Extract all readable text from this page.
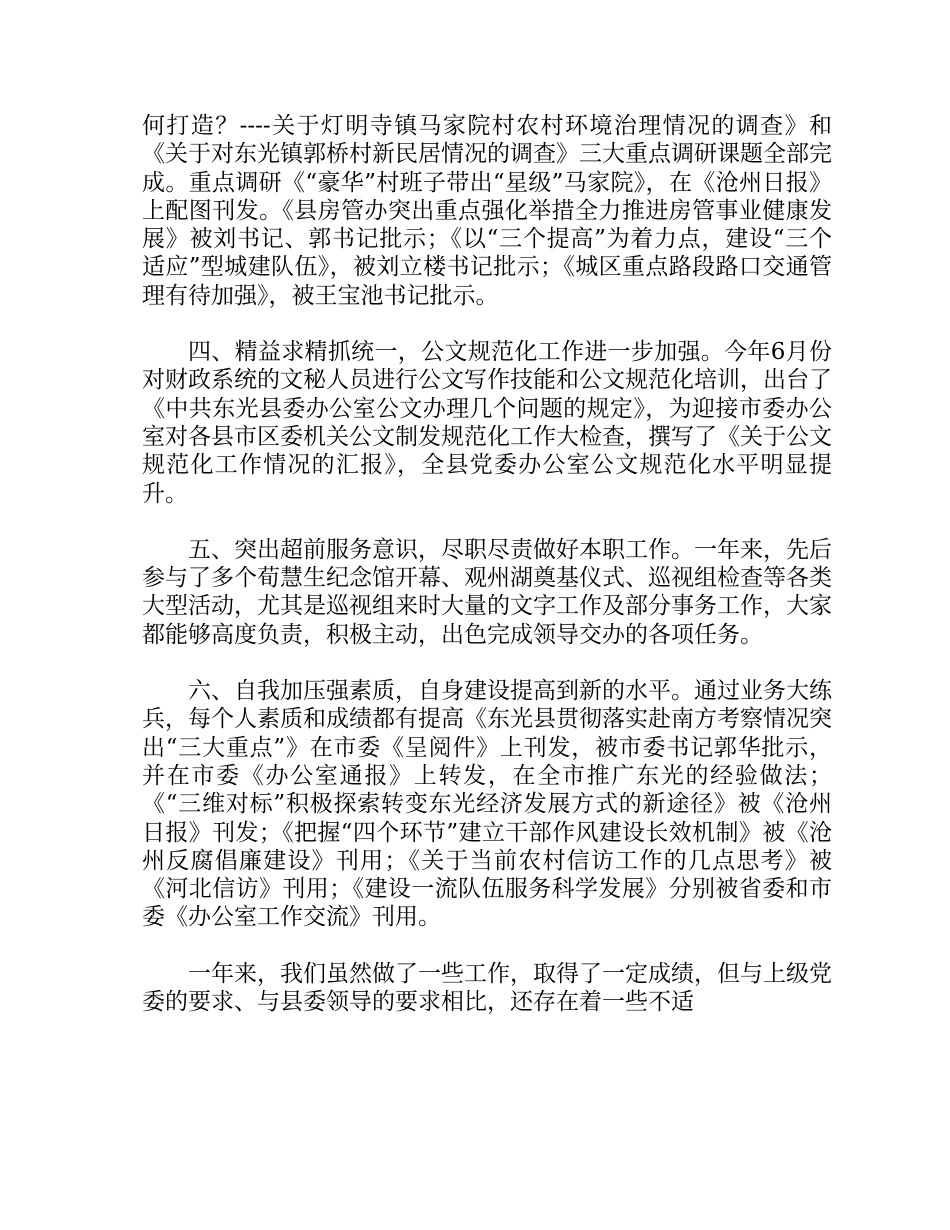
何打造？----关于灯明寺镇马家院村农村环境治理情况的调查》和《关于对东光镇郭桥村新民居情况的调查》三大重点调研课题全部完成。重点调研《“豪华”村班子带出“星级”马家院》，在《沧州日报》上配图刊发。《县房管办突出重点强化举措全力推进房管事业健康发展》被刘书记、郭书记批示；《以“三个提高”为着力点，建设“三个适应”型城建队伍》，被刘立楼书记批示；《城区重点路段路口交通管理有待加强》，被王宝池书记批示。

四、精益求精抓统一，公文规范化工作进一步加强。今年6月份对财政系统的文秘人员进行公文写作技能和公文规范化培训，出台了《中共东光县委办公室公文办理几个问题的规定》，为迎接市委办公室对各县市区委机关公文制发规范化工作大检查，撰写了《关于公文规范化工作情况的汇报》，全县党委办公室公文规范化水平明显提升。

五、突出超前服务意识，尽职尽责做好本职工作。一年来，先后参与了多个荀慧生纪念馆开幕、观州湖奠基仪式、巡视组检查等各类大型活动，尤其是巡视组来时大量的文字工作及部分事务工作，大家都能够高度负责，积极主动，出色完成领导交办的各项任务。

六、自我加压强素质，自身建设提高到新的水平。通过业务大练兵，每个人素质和成绩都有提高《东光县贯彻落实赴南方考察情况突出“三大重点”》在市委《呈阅件》上刊发，被市委书记郭华批示，并在市委《办公室通报》上转发，在全市推广东光的经验做法；《“三维对标”积极探索转变东光经济发展方式的新途径》被《沧州日报》刊发；《把握“四个环节”建立干部作风建设长效机制》被《沧州反腐倡廉建设》刊用；《关于当前农村信访工作的几点思考》被《河北信访》刊用；《建设一流队伍服务科学发展》分别被省委和市委《办公室工作交流》刊用。

一年来，我们虽然做了一些工作，取得了一定成绩，但与上级党委的要求、与县委领导的要求相比，还存在着一些不适
